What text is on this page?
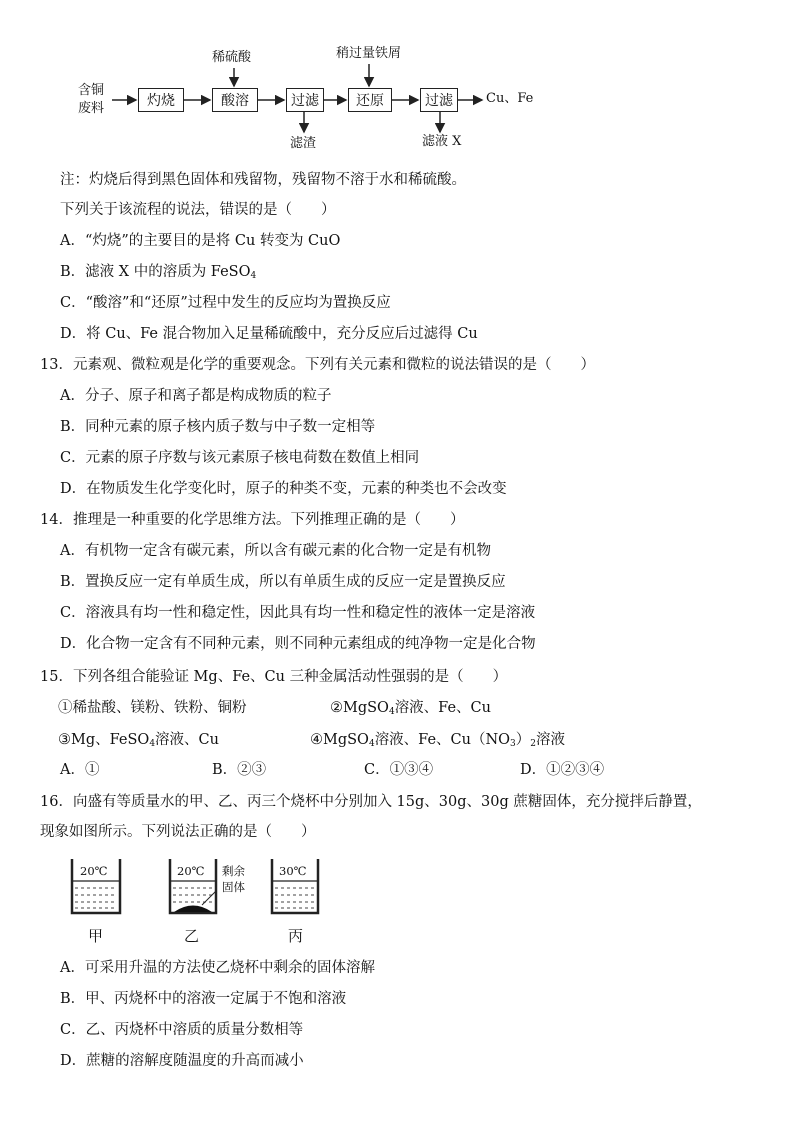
含铜
废料	灼烧	酸溶	过滤	还原	过滤
稀硫酸	稍过量铁屑
滤渣	滤液 X
Cu、Fe
注：灼烧后得到黑色固体和残留物，残留物不溶于水和稀硫酸。
下列关于该流程的说法，错误的是（　　）
A．“灼烧”的主要目的是将 Cu 转变为 CuO
B．滤液 X 中的溶质为 FeSO$_4$
C．“酸溶”和“还原”过程中发生的反应均为置换反应
D．将 Cu、Fe 混合物加入足量稀硫酸中，充分反应后过滤得 Cu
13．元素观、微粒观是化学的重要观念。下列有关元素和微粒的说法错误的是（　　）
A．分子、原子和离子都是构成物质的粒子
B．同种元素的原子核内质子数与中子数一定相等
C．元素的原子序数与该元素原子核电荷数在数值上相同
D．在物质发生化学变化时，原子的种类不变，元素的种类也不会改变
14．推理是一种重要的化学思维方法。下列推理正确的是（　　）
A．有机物一定含有碳元素，所以含有碳元素的化合物一定是有机物
B．置换反应一定有单质生成，所以有单质生成的反应一定是置换反应
C．溶液具有均一性和稳定性，因此具有均一性和稳定性的液体一定是溶液
D．化合物一定含有不同种元素，则不同种元素组成的纯净物一定是化合物
15．下列各组合能验证 Mg、Fe、Cu 三种金属活动性强弱的是（　　）
①稀盐酸、镁粉、铁粉、铜粉	②MgSO$_4$溶液、Fe、Cu
③Mg、FeSO$_4$溶液、Cu	④MgSO$_4$溶液、Fe、$Cu(NO_3)_2$溶液
A．①	B．②③	C．①③④	D．①②③④
16．向盛有等质量水的甲、乙、丙三个烧杯中分别加入 15g、30g、30g 蔗糖固体，充分搅拌后静置，
现象如图所示。下列说法正确的是（　　）
20℃	20℃	30℃
剩余
固体
甲	乙	丙
A．可采用升温的方法使乙烧杯中剩余的固体溶解
B．甲、丙烧杯中的溶液一定属于不饱和溶液
C．乙、丙烧杯中溶质的质量分数相等
D．蔗糖的溶解度随温度的升高而减小
